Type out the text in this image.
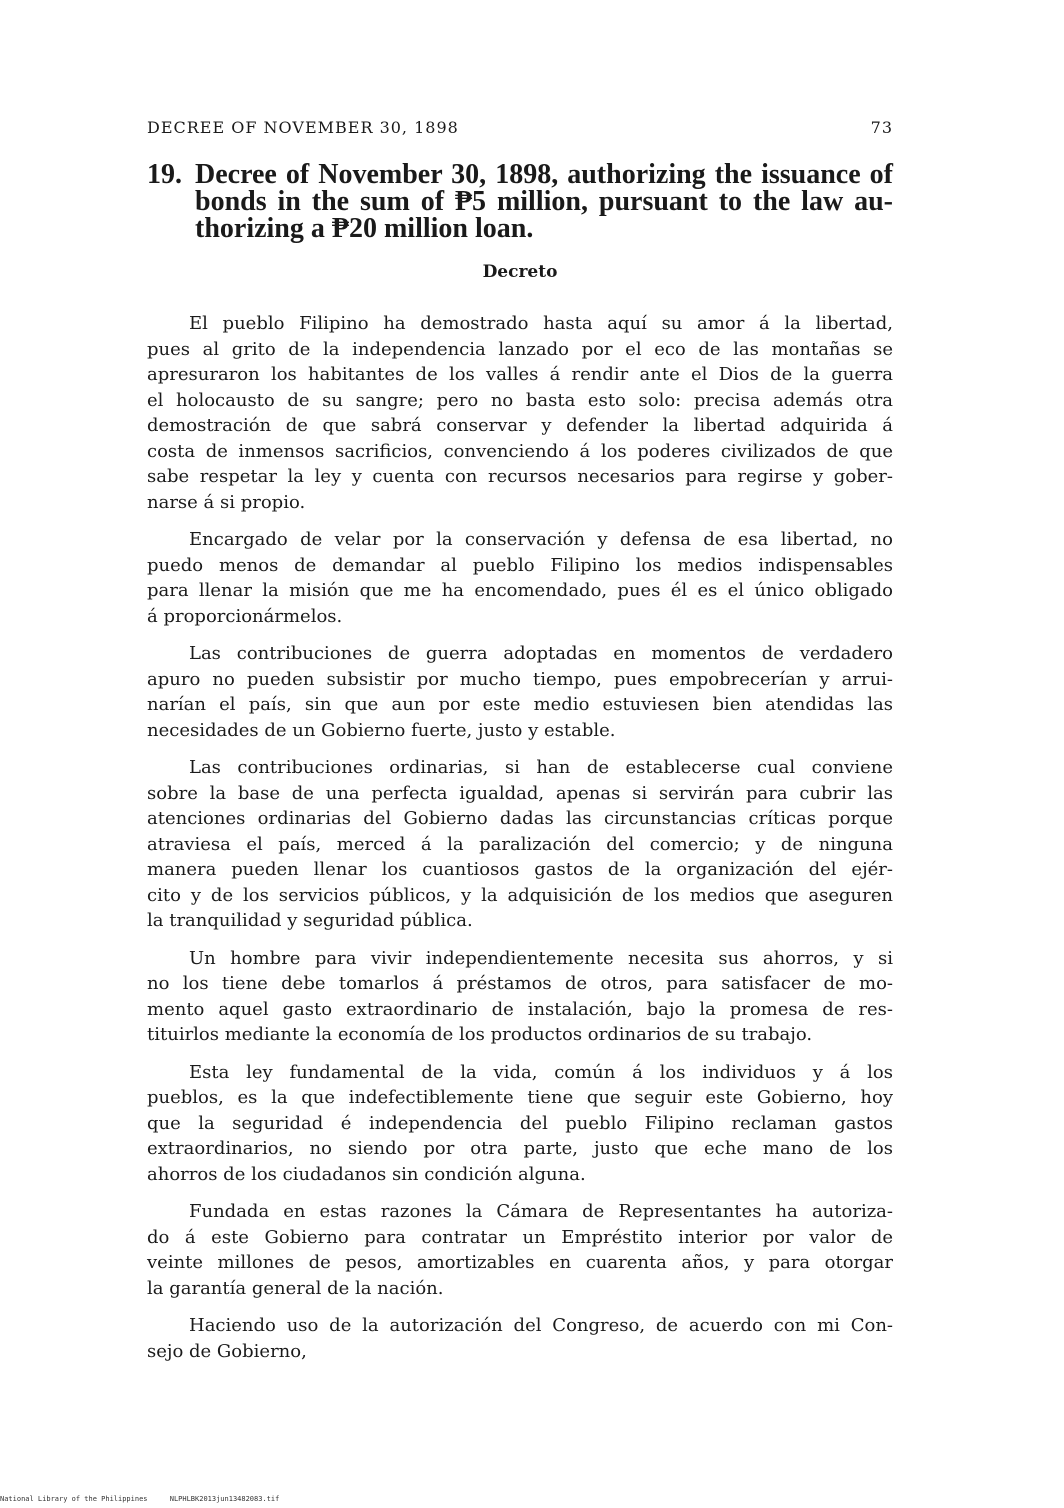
DECREE OF NOVEMBER 30, 1898	73
19. Decree of November 30, 1898, authorizing the issuance of
bonds in the sum of ₱5 million, pursuant to the law au-
thorizing a ₱20 million loan.
Decreto
El pueblo Filipino ha demostrado hasta aquí su amor á la libertad,
pues al grito de la independencia lanzado por el eco de las montañas se
apresuraron los habitantes de los valles á rendir ante el Dios de la guerra
el holocausto de su sangre; pero no basta esto solo: precisa además otra
demostración de que sabrá conservar y defender la libertad adquirida á
costa de inmensos sacrificios, convenciendo á los poderes civilizados de que
sabe respetar la ley y cuenta con recursos necesarios para regirse y gober-
narse á si propio.
Encargado de velar por la conservación y defensa de esa libertad, no
puedo menos de demandar al pueblo Filipino los medios indispensables
para llenar la misión que me ha encomendado, pues él es el único obligado
á proporcionármelos.
Las contribuciones de guerra adoptadas en momentos de verdadero
apuro no pueden subsistir por mucho tiempo, pues empobrecerían y arrui-
narían el país, sin que aun por este medio estuviesen bien atendidas las
necesidades de un Gobierno fuerte, justo y estable.
Las contribuciones ordinarias, si han de establecerse cual conviene
sobre la base de una perfecta igualdad, apenas si servirán para cubrir las
atenciones ordinarias del Gobierno dadas las circunstancias críticas porque
atraviesa el país, merced á la paralización del comercio; y de ninguna
manera pueden llenar los cuantiosos gastos de la organización del ejér-
cito y de los servicios públicos, y la adquisición de los medios que aseguren
la tranquilidad y seguridad pública.
Un hombre para vivir independientemente necesita sus ahorros, y si
no los tiene debe tomarlos á préstamos de otros, para satisfacer de mo-
mento aquel gasto extraordinario de instalación, bajo la promesa de res-
tituirlos mediante la economía de los productos ordinarios de su trabajo.
Esta ley fundamental de la vida, común á los individuos y á los
pueblos, es la que indefectiblemente tiene que seguir este Gobierno, hoy
que la seguridad é independencia del pueblo Filipino reclaman gastos
extraordinarios, no siendo por otra parte, justo que eche mano de los
ahorros de los ciudadanos sin condición alguna.
Fundada en estas razones la Cámara de Representantes ha autoriza-
do á este Gobierno para contratar un Empréstito interior por valor de
veinte millones de pesos, amortizables en cuarenta años, y para otorgar
la garantía general de la nación.
Haciendo uso de la autorización del Congreso, de acuerdo con mi Con-
sejo de Gobierno,
National Library of the Philippines	NLPHLBK2013jun13482083.tif
